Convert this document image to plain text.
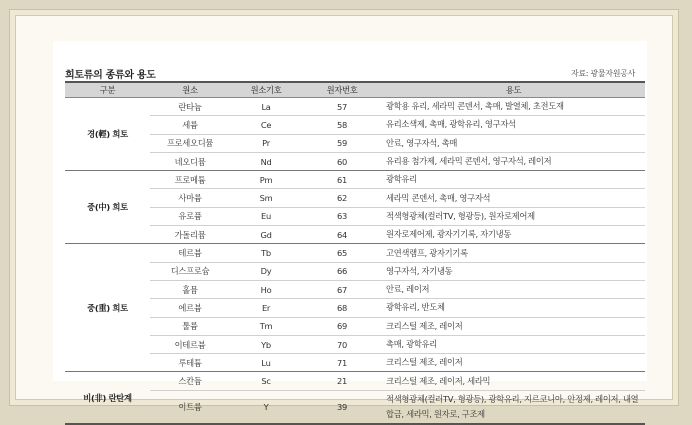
희토류의 종류와 용도	자료: 광물자원공사
구분	원소	원소기호	원자번호	용도
경(輕) 희토	란타늄	La	57	광학용 유리, 세라믹 콘덴서, 촉매, 발열체, 초전도재
	세륨	Ce	58	유리소색제, 촉매, 광학유리, 영구자석
	프로세오디뮴	Pr	59	안료, 영구자석, 촉매
	네오디뮴	Nd	60	유리용 첨가제, 세라믹 콘덴서, 영구자석, 레이저
중(中) 희토	프로메튬	Pm	61	광학유리
	사마륨	Sm	62	세라믹 콘덴서, 촉매, 영구자석
	유로퓸	Eu	63	적색형광체(컬러TV, 형광등), 원자로제어제
	가돌리뮴	Gd	64	원자로제어제, 광자기기록, 자기냉동
중(重) 희토	테르븀	Tb	65	고연색램프, 광자기기록
	디스프로슘	Dy	66	영구자석, 자기냉동
	홀뮴	Ho	67	안료, 레이저
	에르븀	Er	68	광학유리, 반도체
	툴륨	Tm	69	크리스털 제조, 레이저
	이테르븀	Yb	70	촉매, 광학유리
	루테튬	Lu	71	크리스털 제조, 레이저
비(非) 란탄계	스칸듐	Sc	21	크리스털 제조, 레이저, 세라믹
	이트륨	Y	39	적색형광체(컬러TV, 형광등), 광학유리, 지르코니아, 안정제, 레이저, 내열합금, 세라믹, 원자로, 구조제
